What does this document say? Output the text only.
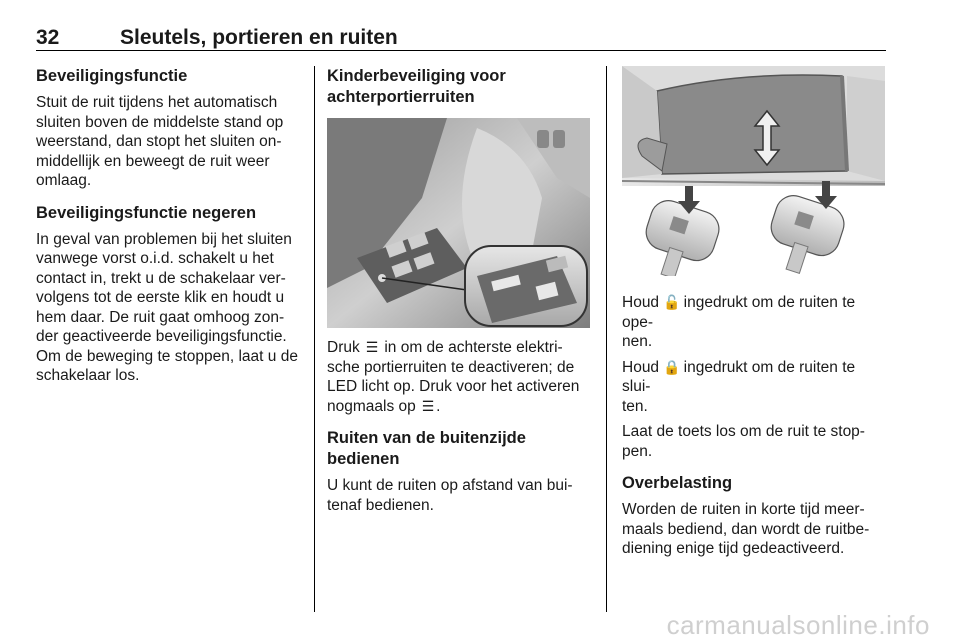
32	Sleutels, portieren en ruiten
Beveiligingsfunctie

Stuit de ruit tijdens het automatisch
sluiten boven de middelste stand op
weerstand, dan stopt het sluiten on-
middellijk en beweegt de ruit weer
omlaag.

Beveiligingsfunctie negeren

In geval van problemen bij het sluiten
vanwege vorst o.i.d. schakelt u het
contact in, trekt u de schakelaar ver-
volgens tot de eerste klik en houdt u
hem daar. De ruit gaat omhoog zon-
der geactiveerde beveiligingsfunctie.
Om de beweging te stoppen, laat u de
schakelaar los.

Kinderbeveiliging voor
achterportierruiten

Druk ☰ in om de achterste elektri-
sche portierruiten te deactiveren; de
LED licht op. Druk voor het activeren
nogmaals op ☰ .

Ruiten van de buitenzijde
bedienen

U kunt de ruiten op afstand van bui-
tenaf bedienen.

Houd 🔓 ingedrukt om de ruiten te ope-
nen.

Houd 🔒 ingedrukt om de ruiten te slui-
ten.

Laat de toets los om de ruit te stop-
pen.

Overbelasting

Worden de ruiten in korte tijd meer-
maals bediend, dan wordt de ruitbe-
diening enige tijd gedeactiveerd.

carmanualsonline.info
